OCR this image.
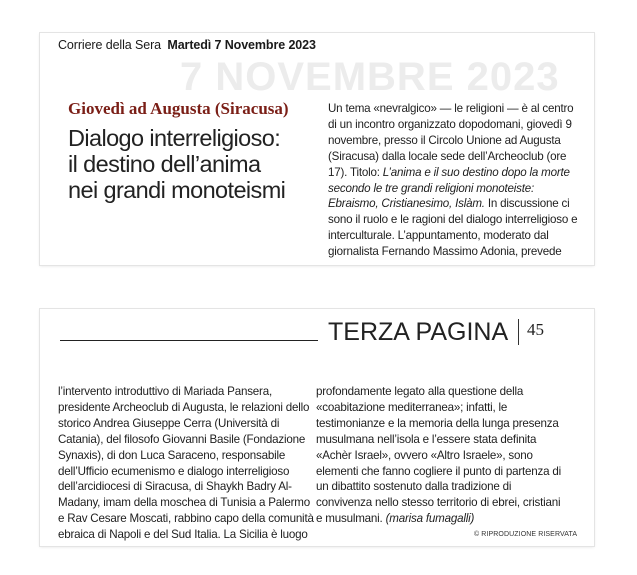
7 NOVEMBRE 2023
Corriere della Sera Martedì 7 Novembre 2023
Giovedì ad Augusta (Siracusa)
Dialogo interreligioso:
il destino dell’anima
nei grandi monoteismi
Un tema «nevralgico» — le religioni — è al centro
di un incontro organizzato dopodomani, giovedì 9
novembre, presso il Circolo Unione ad Augusta
(Siracusa) dalla locale sede dell’Archeoclub (ore
17). Titolo: L’anima e il suo destino dopo la morte
secondo le tre grandi religioni monoteiste:
Ebraismo, Cristianesimo, Islàm. In discussione ci
sono il ruolo e le ragioni del dialogo interreligioso e
interculturale. L’appuntamento, moderato dal
giornalista Fernando Massimo Adonia, prevede
TERZA PAGINA 45
l’intervento introduttivo di Mariada Pansera,
presidente Archeoclub di Augusta, le relazioni dello
storico Andrea Giuseppe Cerra (Università di
Catania), del filosofo Giovanni Basile (Fondazione
Synaxis), di don Luca Saraceno, responsabile
dell’Ufficio ecumenismo e dialogo interreligioso
dell’arcidiocesi di Siracusa, di Shaykh Badry Al-
Madany, imam della moschea di Tunisia a Palermo
e Rav Cesare Moscati, rabbino capo della comunità
ebraica di Napoli e del Sud Italia. La Sicilia è luogo
profondamente legato alla questione della
«coabitazione mediterranea»; infatti, le
testimonianze e la memoria della lunga presenza
musulmana nell’isola e l’essere stata definita
«Achèr Israel», ovvero «Altro Israele», sono
elementi che fanno cogliere il punto di partenza di
un dibattito sostenuto dalla tradizione di
convivenza nello stesso territorio di ebrei, cristiani
e musulmani. (marisa fumagalli)
© RIPRODUZIONE RISERVATA
